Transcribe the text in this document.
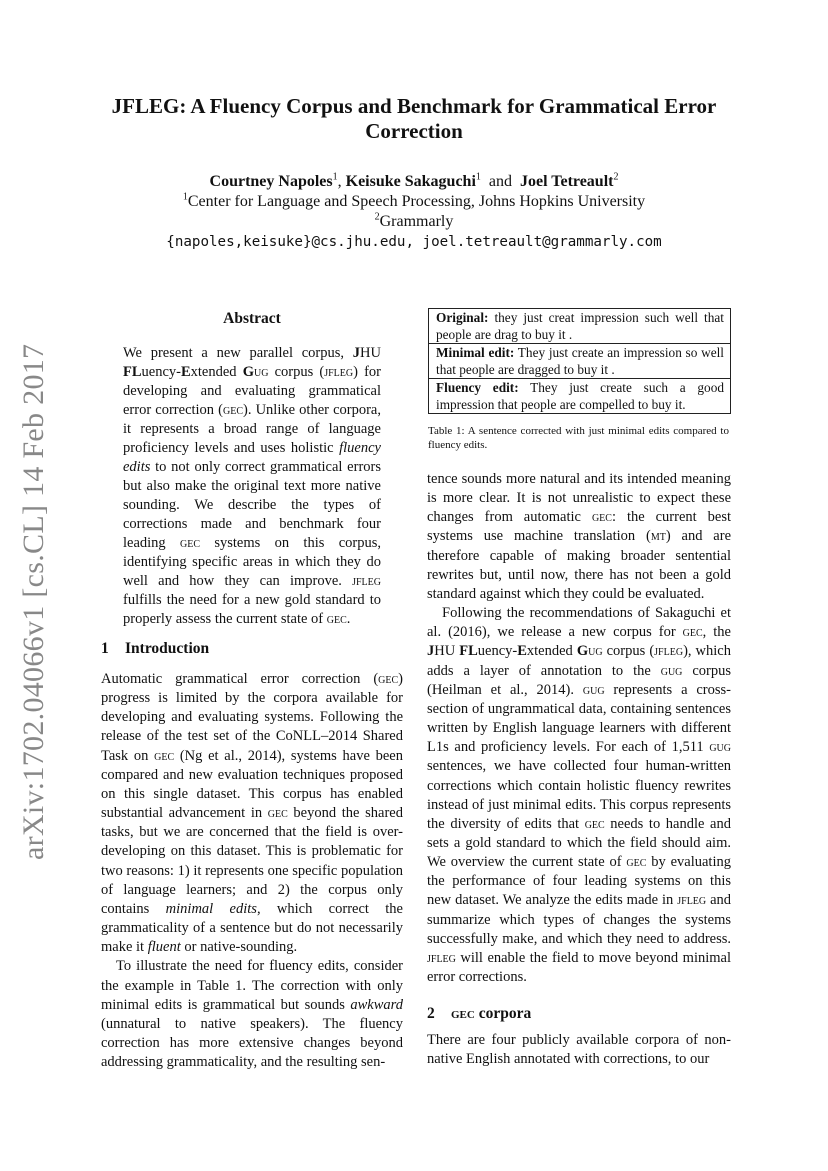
arXiv:1702.04066v1 [cs.CL] 14 Feb 2017
JFLEG: A Fluency Corpus and Benchmark for Grammatical Error Correction
Courtney Napoles$^1$, Keisuke Sakaguchi$^1$ and Joel Tetreault$^2$
$^1$Center for Language and Speech Processing, Johns Hopkins University
$^2$Grammarly
{napoles,keisuke}@cs.jhu.edu, joel.tetreault@grammarly.com
Abstract
We present a new parallel corpus, JHU FLuency-Extended Gug corpus (jfleg) for developing and evaluating grammatical error correction (gec). Unlike other corpora, it represents a broad range of language proficiency levels and uses holistic fluency edits to not only correct grammatical errors but also make the original text more native sounding. We describe the types of corrections made and benchmark four leading gec systems on this corpus, identifying specific areas in which they do well and how they can improve. jfleg fulfills the need for a new gold standard to properly assess the current state of gec.
1 Introduction

Automatic grammatical error correction (gec) progress is limited by the corpora available for developing and evaluating systems. Following the release of the test set of the CoNLL–2014 Shared Task on gec (Ng et al., 2014), systems have been compared and new evaluation techniques proposed on this single dataset. This corpus has enabled substantial advancement in gec beyond the shared tasks, but we are concerned that the field is over-developing on this dataset. This is problematic for two reasons: 1) it represents one specific population of language learners; and 2) the corpus only contains minimal edits, which correct the grammaticality of a sentence but do not necessarily make it fluent or native-sounding.

To illustrate the need for fluency edits, consider the example in Table 1. The correction with only minimal edits is grammatical but sounds awkward (unnatural to native speakers). The fluency correction has more extensive changes beyond addressing grammaticality, and the resulting sen-

Original: they just creat impression such well that people are drag to buy it .
Minimal edit: They just create an impression so well that people are dragged to buy it .
Fluency edit: They just create such a good impression that people are compelled to buy it.
Table 1: A sentence corrected with just minimal edits compared to fluency edits.

tence sounds more natural and its intended meaning is more clear. It is not unrealistic to expect these changes from automatic gec: the current best systems use machine translation (mt) and are therefore capable of making broader sentential rewrites but, until now, there has not been a gold standard against which they could be evaluated.

Following the recommendations of Sakaguchi et al. (2016), we release a new corpus for gec, the JHU FLuency-Extended Gug corpus (jfleg), which adds a layer of annotation to the gug corpus (Heilman et al., 2014). gug represents a cross-section of ungrammatical data, containing sentences written by English language learners with different L1s and proficiency levels. For each of 1,511 gug sentences, we have collected four human-written corrections which contain holistic fluency rewrites instead of just minimal edits. This corpus represents the diversity of edits that gec needs to handle and sets a gold standard to which the field should aim. We overview the current state of gec by evaluating the performance of four leading systems on this new dataset. We analyze the edits made in jfleg and summarize which types of changes the systems successfully make, and which they need to address. jfleg will enable the field to move beyond minimal error corrections.

2 gec corpora

There are four publicly available corpora of non-native English annotated with corrections, to our
